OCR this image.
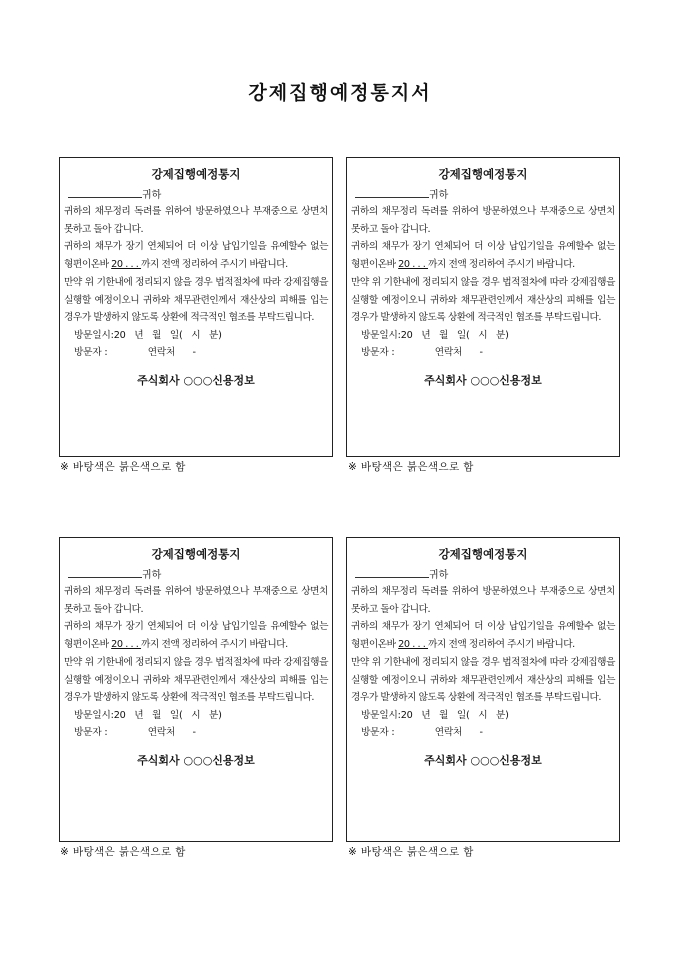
강제집행예정통지서
강제집행예정통지
귀하

귀하의 채무정리 독려를 위하여 방문하였으나 부재중으로 상면치 못하고 돌아 갑니다.

귀하의 채무가 장기 연체되어 더 이상 납입기일을 유예할수 없는 형편이온바 20 . . . 까지 전액 정리하여 주시기 바랍니다.

만약 위 기한내에 정리되지 않을 경우 법적절차에 따라 강제집행을 실행할 예정이오니 귀하와 채무관련인께서 재산상의 피해를 입는 경우가 발생하지 않도록 상환에 적극적인 협조를 부탁드립니다.

방문일시:20   년   월   일(   시   분)
방문자 :              연락처      -
주식회사 ○○○신용정보
※ 바탕색은 붉은색으로 함
강제집행예정통지
귀하

귀하의 채무정리 독려를 위하여 방문하였으나 부재중으로 상면치 못하고 돌아 갑니다.

귀하의 채무가 장기 연체되어 더 이상 납입기일을 유예할수 없는 형편이온바 20 . . . 까지 전액 정리하여 주시기 바랍니다.

만약 위 기한내에 정리되지 않을 경우 법적절차에 따라 강제집행을 실행할 예정이오니 귀하와 채무관련인께서 재산상의 피해를 입는 경우가 발생하지 않도록 상환에 적극적인 협조를 부탁드립니다.

방문일시:20   년   월   일(   시   분)
방문자 :              연락처      -
주식회사 ○○○신용정보
※ 바탕색은 붉은색으로 함
강제집행예정통지
귀하

귀하의 채무정리 독려를 위하여 방문하였으나 부재중으로 상면치 못하고 돌아 갑니다.

귀하의 채무가 장기 연체되어 더 이상 납입기일을 유예할수 없는 형편이온바 20 . . . 까지 전액 정리하여 주시기 바랍니다.

만약 위 기한내에 정리되지 않을 경우 법적절차에 따라 강제집행을 실행할 예정이오니 귀하와 채무관련인께서 재산상의 피해를 입는 경우가 발생하지 않도록 상환에 적극적인 협조를 부탁드립니다.

방문일시:20   년   월   일(   시   분)
방문자 :              연락처      -
주식회사 ○○○신용정보
※ 바탕색은 붉은색으로 함
강제집행예정통지
귀하

귀하의 채무정리 독려를 위하여 방문하였으나 부재중으로 상면치 못하고 돌아 갑니다.

귀하의 채무가 장기 연체되어 더 이상 납입기일을 유예할수 없는 형편이온바 20 . . . 까지 전액 정리하여 주시기 바랍니다.

만약 위 기한내에 정리되지 않을 경우 법적절차에 따라 강제집행을 실행할 예정이오니 귀하와 채무관련인께서 재산상의 피해를 입는 경우가 발생하지 않도록 상환에 적극적인 협조를 부탁드립니다.

방문일시:20   년   월   일(   시   분)
방문자 :              연락처      -
주식회사 ○○○신용정보
※ 바탕색은 붉은색으로 함
